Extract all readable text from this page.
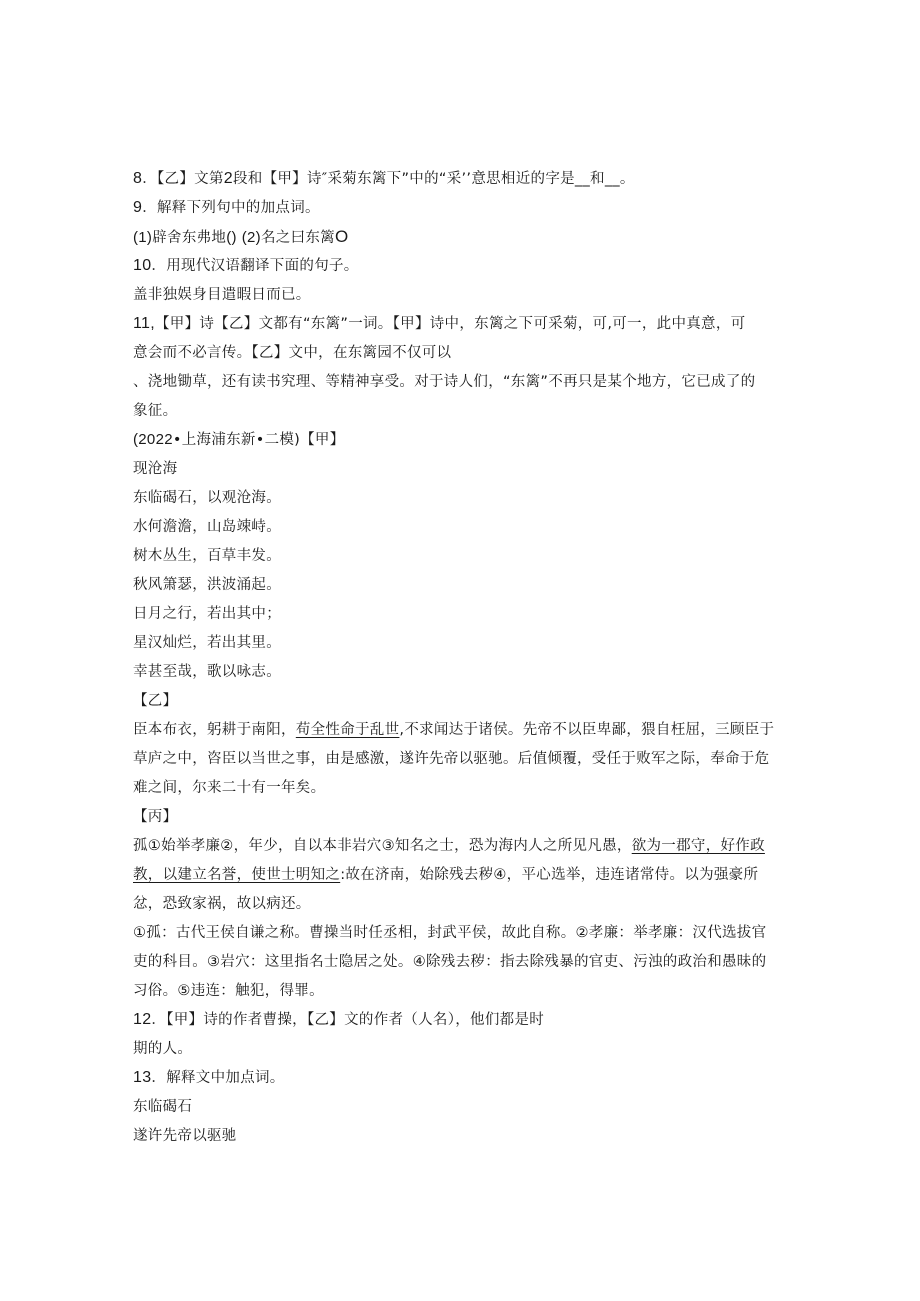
8．【乙】文第2段和【甲】诗″采菊东篱下”中的“采’’意思相近的字是__和__。
9．解释下列句中的加点词。
(1)辟舍东弗地() (2)名之曰东篱O
10．用现代汉语翻译下面的句子。
盖非独娱身目遣暇日而已。
11,【甲】诗【乙】文都有“东篱”一词。【甲】诗中，东篱之下可采菊，可,可一，此中真意，可
意会而不必言传。【乙】文中，在东篱园不仅可以
、浇地锄草，还有读书究理、等精神享受。对于诗人们，“东篱”不再只是某个地方，它已成了的
象征。
(2022•上海浦东新•二模)【甲】
现沧海
东临碣石，以观沧海。
水何澹澹，山岛竦峙。
树木丛生，百草丰发。
秋风箫瑟，洪波涌起。
日月之行，若出其中；
星汉灿烂，若出其里。
幸甚至哉，歌以咏志。
【乙】
臣本布衣，躬耕于南阳，苟全性命于乱世,不求闻达于诸侯。先帝不以臣卑鄙，猥自枉屈，三顾臣于
草庐之中，咨臣以当世之事，由是感激，遂许先帝以驱驰。后值倾覆，受任于败军之际，奉命于危
难之间，尔来二十有一年矣。
【丙】
孤①始举孝廉②，年少，自以本非岩穴③知名之士，恐为海内人之所见凡愚，欲为一郡守，好作政
教，以建立名誉，使世士明知之:故在济南，始除残去秽④，平心选举，违连诸常侍。以为强豪所
忿，恐致家祸，故以病还。
①孤：古代王侯自谦之称。曹操当时任丞相，封武平侯，故此自称。②孝廉：举孝廉：汉代选拔官
吏的科目。③岩穴：这里指名士隐居之处。④除残去秽：指去除残暴的官吏、污浊的政治和愚昧的
习俗。⑤违连：触犯，得罪。
12．【甲】诗的作者曹操，【乙】文的作者（人名），他们都是时
期的人。
13．解释文中加点词。
东临碣石
遂许先帝以驱驰
